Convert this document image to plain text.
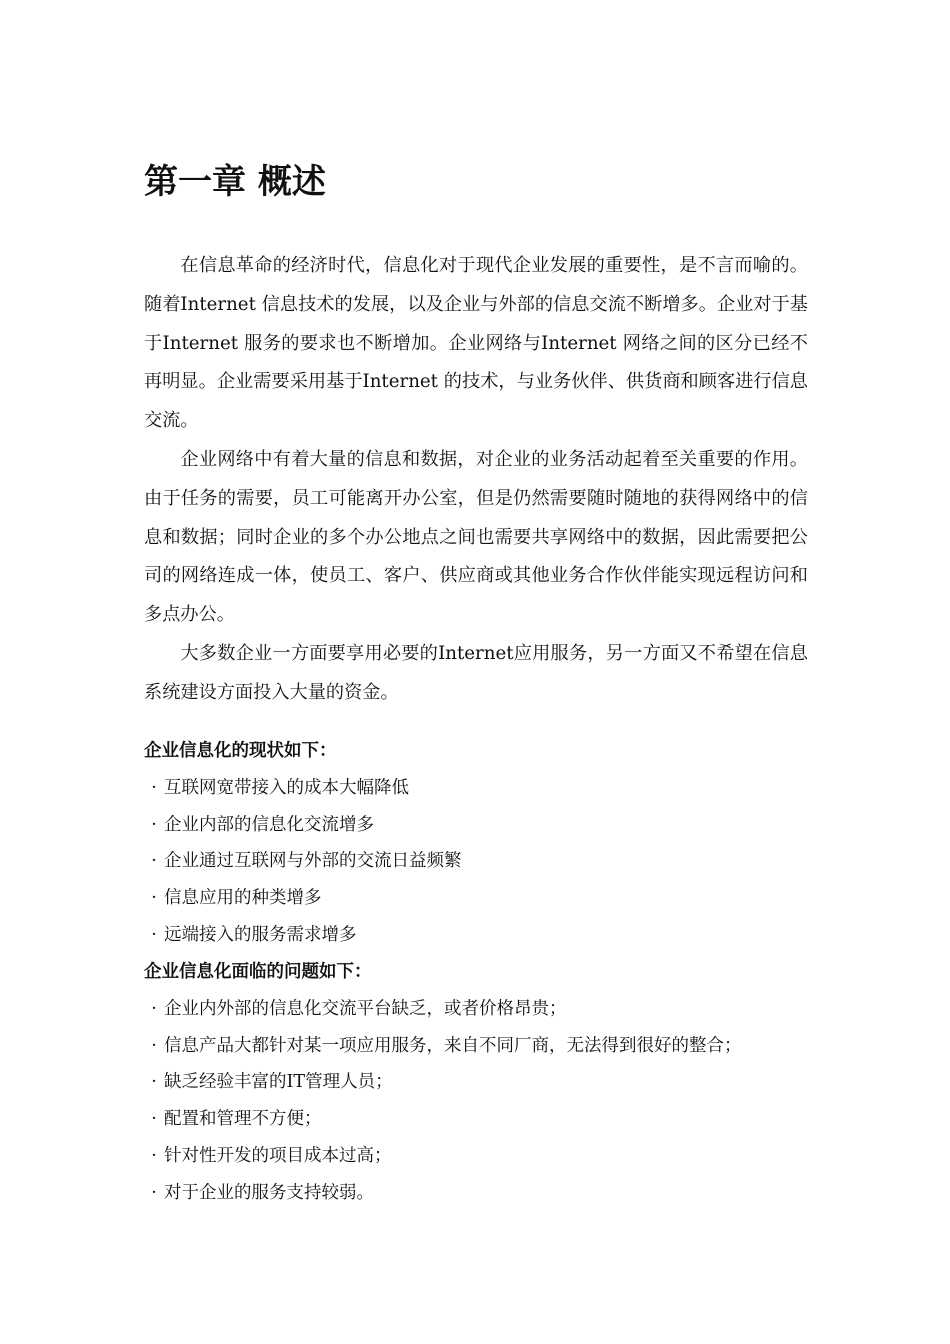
第一章 概述

在信息革命的经济时代，信息化对于现代企业发展的重要性，是不言而喻的。随着Internet 信息技术的发展，以及企业与外部的信息交流不断增多。企业对于基于Internet 服务的要求也不断增加。企业网络与Internet 网络之间的区分已经不再明显。企业需要采用基于Internet 的技术，与业务伙伴、供货商和顾客进行信息交流。

企业网络中有着大量的信息和数据，对企业的业务活动起着至关重要的作用。由于任务的需要，员工可能离开办公室，但是仍然需要随时随地的获得网络中的信息和数据；同时企业的多个办公地点之间也需要共享网络中的数据，因此需要把公司的网络连成一体，使员工、客户、供应商或其他业务合作伙伴能实现远程访问和多点办公。

大多数企业一方面要享用必要的Internet应用服务，另一方面又不希望在信息系统建设方面投入大量的资金。

企业信息化的现状如下：
· 互联网宽带接入的成本大幅降低
· 企业内部的信息化交流增多
· 企业通过互联网与外部的交流日益频繁
· 信息应用的种类增多
· 远端接入的服务需求增多
企业信息化面临的问题如下：
· 企业内外部的信息化交流平台缺乏，或者价格昂贵；
· 信息产品大都针对某一项应用服务，来自不同厂商，无法得到很好的整合；
· 缺乏经验丰富的IT管理人员；
· 配置和管理不方便；
· 针对性开发的项目成本过高；
· 对于企业的服务支持较弱。
